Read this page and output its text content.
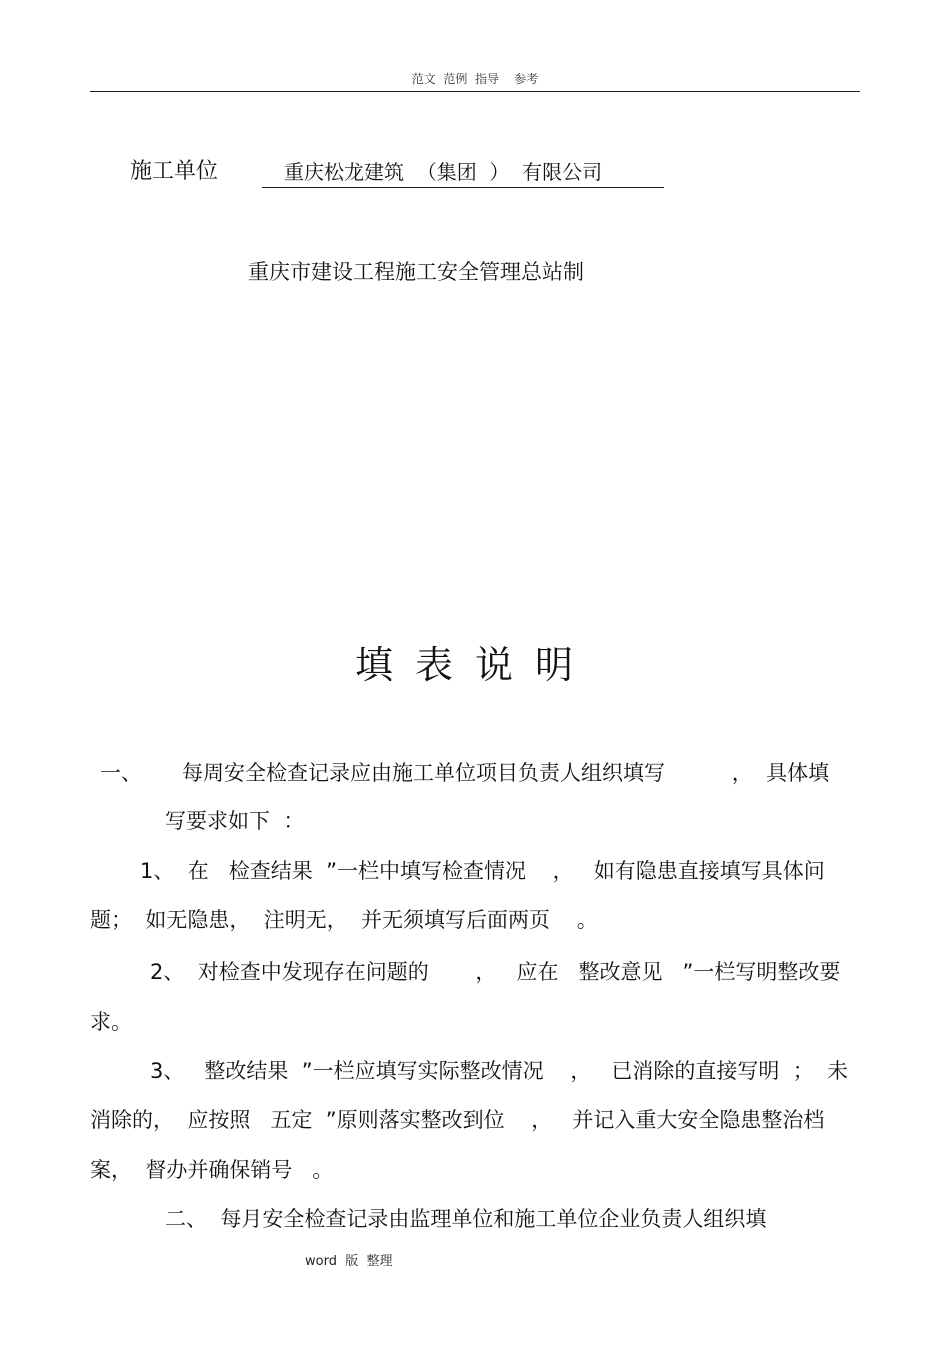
范文  范例  指导    参考
施工单位	重庆松龙建筑  （集团  ）  有限公司
重庆市建设工程施工安全管理总站制
填表说明
一、      每周安全检查记录应由施工单位项目负责人组织填写          ，  具体填
写要求如下  ：
1、  在   检查结果  ”一栏中填写检查情况    ，   如有隐患直接填写具体问
题；  如无隐患，  注明无，  并无须填写后面两页    。
2、  对检查中发现存在问题的       ，   应在   整改意见   ”一栏写明整改要
求。
3、   整改结果  ”一栏应填写实际整改情况    ，   已消除的直接写明  ；  未
消除的，  应按照   五定  ”原则落实整改到位    ，   并记入重大安全隐患整治档
案，  督办并确保销号   。
二、  每月安全检查记录由监理单位和施工单位企业负责人组织填
word  版  整理
